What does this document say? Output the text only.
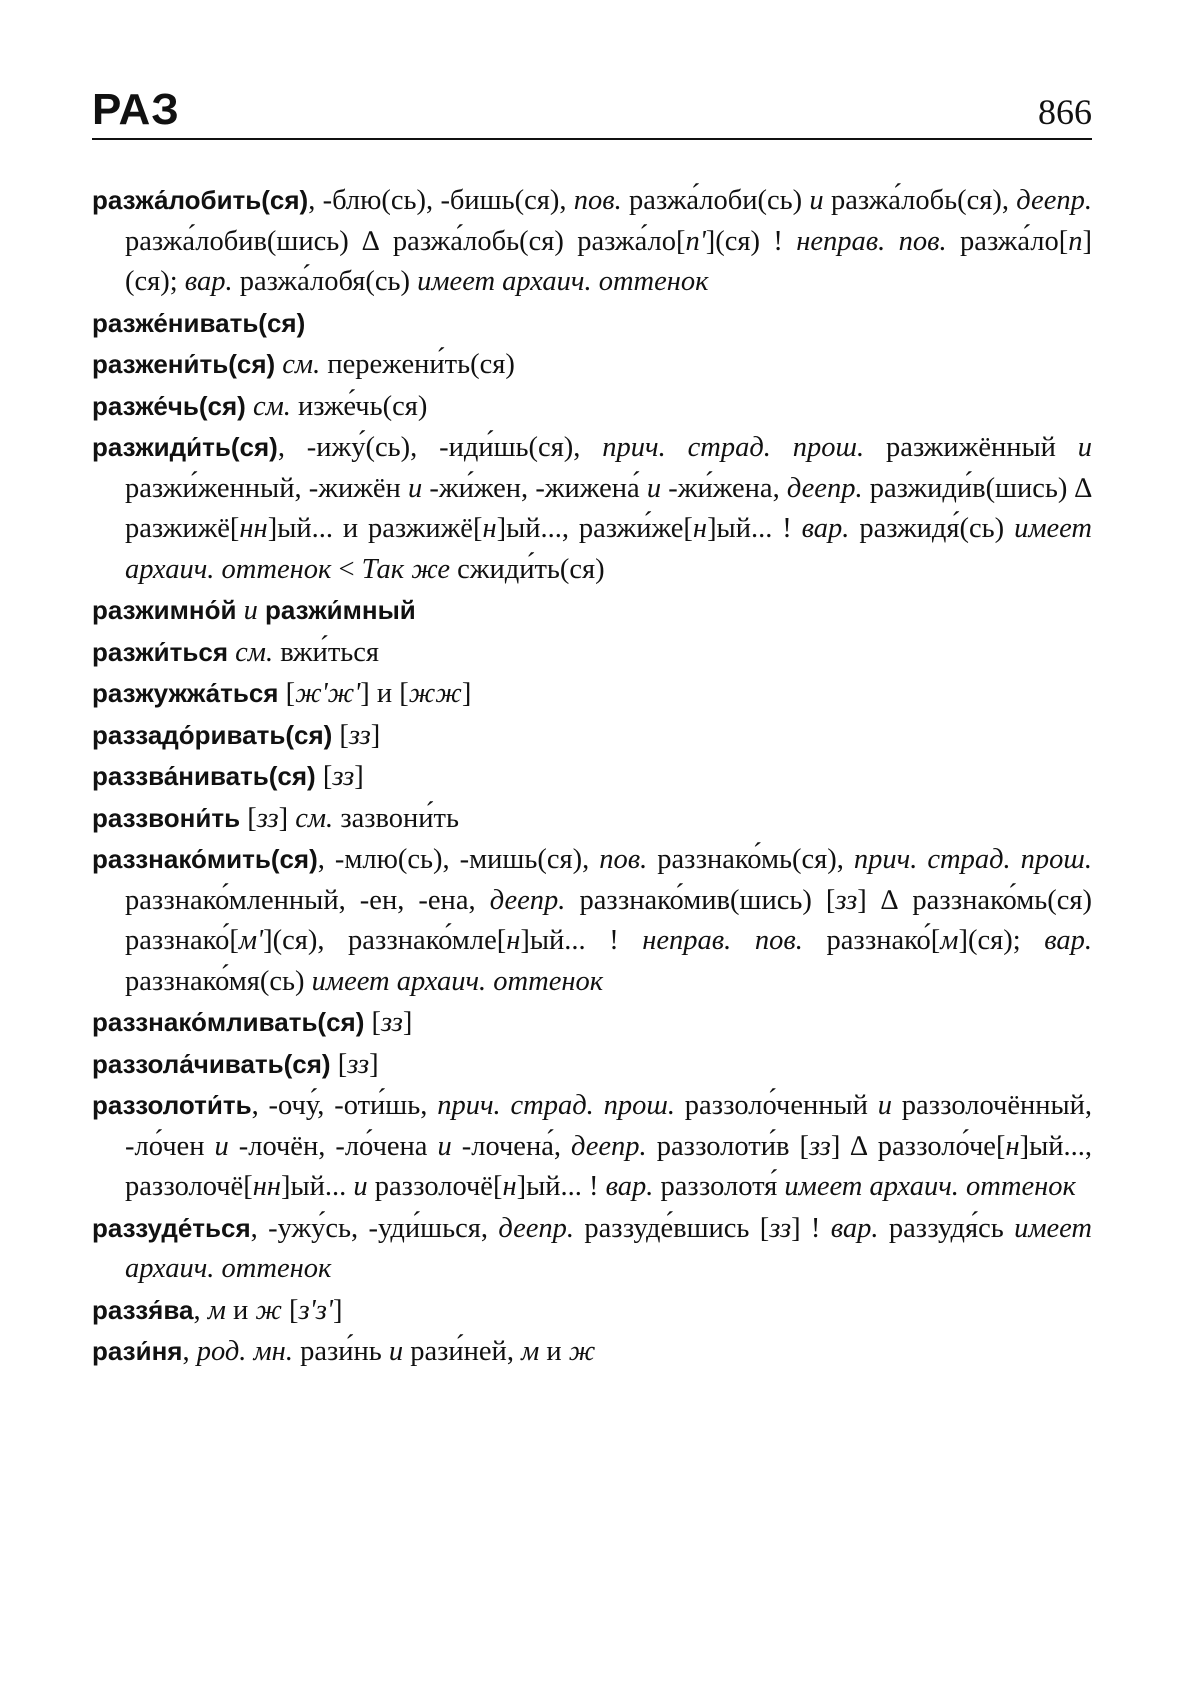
РАЗ	866
разжа́лобить(ся), -блю(сь), -бишь(ся), пов. разжа́лоби(сь) и разжа́лобь(ся), деепр. разжа́лобив(шись) ∆ разжа́лобь(ся) разжа́ло[п'](ся) ! неправ. пов. разжа́ло[п](ся); вар. разжа́лобя(сь) имеет архаич. оттенок
разже́нивать(ся)
разжени́ть(ся) см. пережени́ть(ся)
разже́чь(ся) см. изже́чь(ся)
разжиди́ть(ся), -ижу́(сь), -иди́шь(ся), прич. страд. прош. разжижённый и разжи́женный, -жижён и -жи́жен, -жижена́ и -жи́жена, деепр. разжиди́в(шись) ∆ разжижё[нн]ый... и разжижё[н]ый..., разжи́же[н]ый... ! вар. разжидя́(сь) имеет архаич. оттенок < Так же сжиди́ть(ся)
разжимно́й и разжи́мный
разжи́ться см. вжи́ться
разжужжа́ться [ж'ж'] и [жж]
раззадо́ривать(ся) [зз]
раззва́нивать(ся) [зз]
раззвони́ть [зз] см. зазвони́ть
раззнако́мить(ся), -млю(сь), -мишь(ся), пов. раззнако́мь(ся), прич. страд. прош. раззнако́мленный, -ен, -ена, деепр. раззнако́мив(шись) [зз] ∆ раззнако́мь(ся) раззнако́[м'](ся), раззнако́мле[н]ый... ! неправ. пов. раззнако́[м](ся); вар. раззнако́мя(сь) имеет архаич. оттенок
раззнако́мливать(ся) [зз]
раззола́чивать(ся) [зз]
раззолоти́ть, -очу́, -оти́шь, прич. страд. прош. раззоло́ченный и раззолочённый, -ло́чен и -лочён, -ло́чена и -лочена́, деепр. раззолоти́в [зз] ∆ раззоло́че[н]ый..., раззолочё[нн]ый... и раззолочё[н]ый... ! вар. раззолотя́ имеет архаич. оттенок
раззуде́ться, -ужу́сь, -уди́шься, деепр. раззуде́вшись [зз] ! вар. раззудя́сь имеет архаич. оттенок
раззя́ва, м и ж [з'з']
рази́ня, род. мн. рази́нь и рази́ней, м и ж
